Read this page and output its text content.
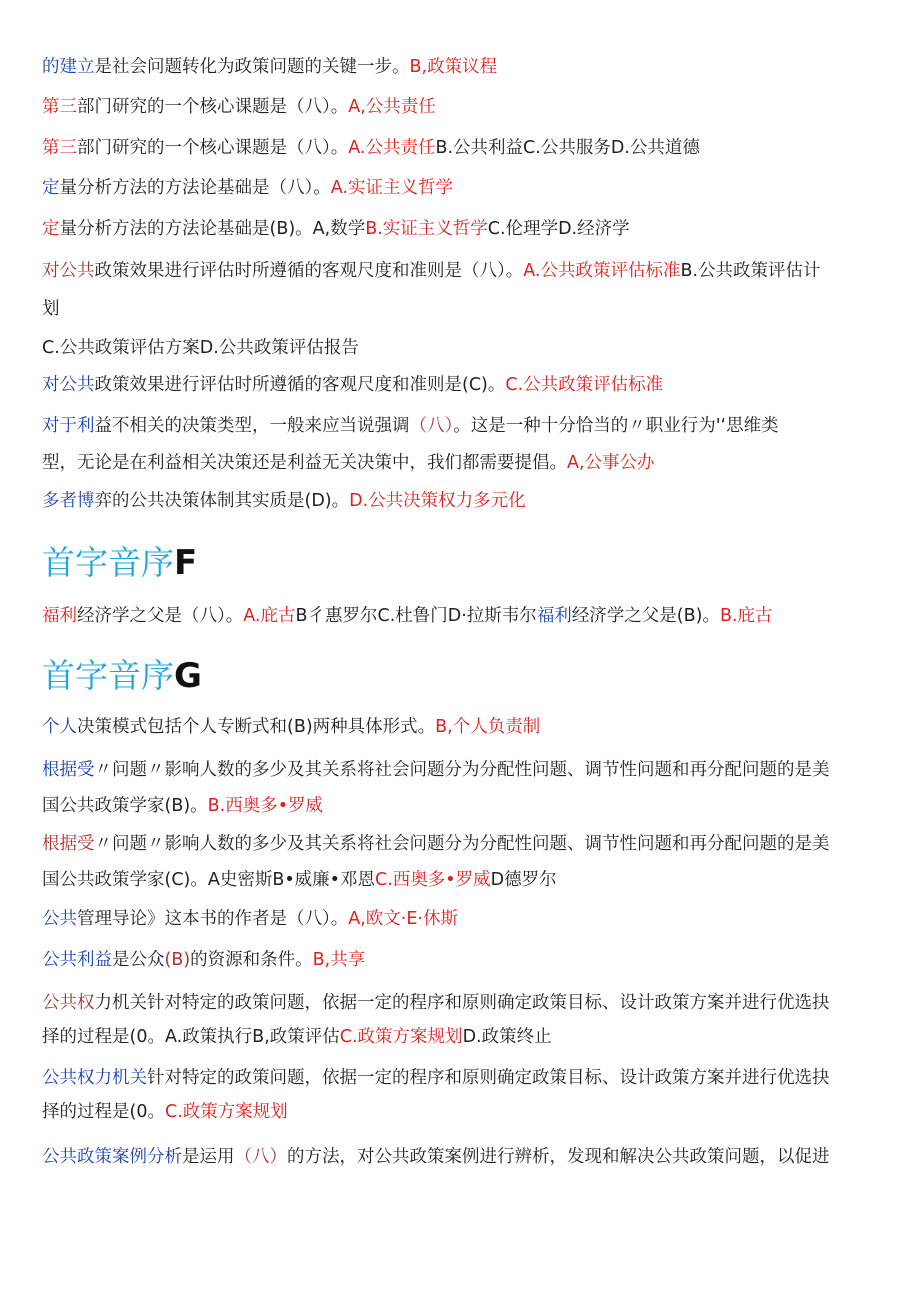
的建立是社会问题转化为政策问题的关键一步。B,政策议程
第三部门研究的一个核心课题是（八）。A,公共责任
第三部门研究的一个核心课题是（八）。A.公共责任B.公共利益C.公共服务D.公共道德
定量分析方法的方法论基础是（八）。A.实证主义哲学
定量分析方法的方法论基础是(B)。A,数学B.实证主义哲学C.伦理学D.经济学
对公共政策效果进行评估时所遵循的客观尺度和准则是（八）。A.公共政策评估标准B.公共政策评估计
划
C.公共政策评估方案D.公共政策评估报告
对公共政策效果进行评估时所遵循的客观尺度和准则是(C)。C.公共政策评估标准
对于利益不相关的决策类型，一般来应当说强调（八）。这是一种十分恰当的〃职业行为'‘思维类
型，无论是在利益相关决策还是利益无关决策中，我们都需要提倡。A,公事公办
多者博弈的公共决策体制其实质是(D)。D.公共决策权力多元化
首字音序F
福利经济学之父是（八）。A.庇古B彳惠罗尔C.杜鲁门D·拉斯韦尔福利经济学之父是(B)。B.庇古
首字音序G
个人决策模式包括个人专断式和(B)两种具体形式。B,个人负责制
根据受〃问题〃影响人数的多少及其关系将社会问题分为分配性问题、调节性问题和再分配问题的是美
国公共政策学家(B)。B.西奥多•罗威
根据受〃问题〃影响人数的多少及其关系将社会问题分为分配性问题、调节性问题和再分配问题的是美
国公共政策学家(C)。A史密斯B•威廉•邓恩C.西奥多•罗威D德罗尔
公共管理导论》这本书的作者是（八）。A,欧文·E·休斯
公共利益是公众(B)的资源和条件。B,共享
公共权力机关针对特定的政策问题，依据一定的程序和原则确定政策目标、设计政策方案并进行优选抉
择的过程是(0。A.政策执行B,政策评估C.政策方案规划D.政策终止
公共权力机关针对特定的政策问题，依据一定的程序和原则确定政策目标、设计政策方案并进行优选抉
择的过程是(0。C.政策方案规划
公共政策案例分析是运用（八）的方法，对公共政策案例进行辨析，发现和解决公共政策问题，以促进
